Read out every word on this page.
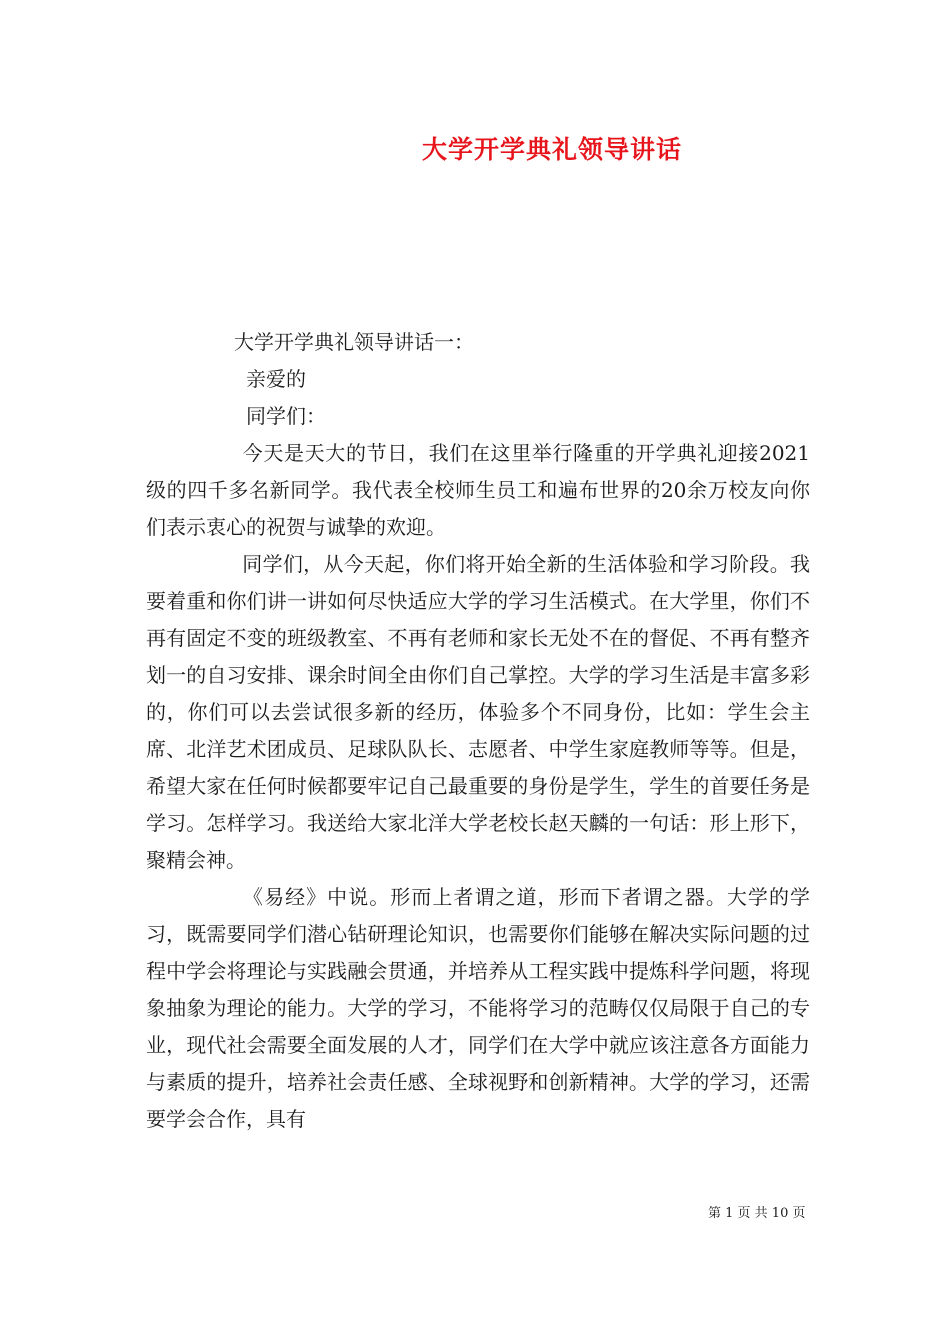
大学开学典礼领导讲话
大学开学典礼领导讲话一：
亲爱的
同学们：
今天是天大的节日，我们在这里举行隆重的开学典礼迎接2021级的四千多名新同学。我代表全校师生员工和遍布世界的20余万校友向你们表示衷心的祝贺与诚挚的欢迎。
同学们，从今天起，你们将开始全新的生活体验和学习阶段。我要着重和你们讲一讲如何尽快适应大学的学习生活模式。在大学里，你们不再有固定不变的班级教室、不再有老师和家长无处不在的督促、不再有整齐划一的自习安排、课余时间全由你们自己掌控。大学的学习生活是丰富多彩的，你们可以去尝试很多新的经历，体验多个不同身份，比如：学生会主席、北洋艺术团成员、足球队队长、志愿者、中学生家庭教师等等。但是，希望大家在任何时候都要牢记自己最重要的身份是学生，学生的首要任务是学习。怎样学习。我送给大家北洋大学老校长赵天麟的一句话：形上形下，聚精会神。
《易经》中说。形而上者谓之道，形而下者谓之器。大学的学习，既需要同学们潜心钻研理论知识，也需要你们能够在解决实际问题的过程中学会将理论与实践融会贯通，并培养从工程实践中提炼科学问题，将现象抽象为理论的能力。大学的学习，不能将学习的范畴仅仅局限于自己的专业，现代社会需要全面发展的人才，同学们在大学中就应该注意各方面能力与素质的提升，培养社会责任感、全球视野和创新精神。大学的学习，还需要学会合作，具有
第 1 页 共 10 页
